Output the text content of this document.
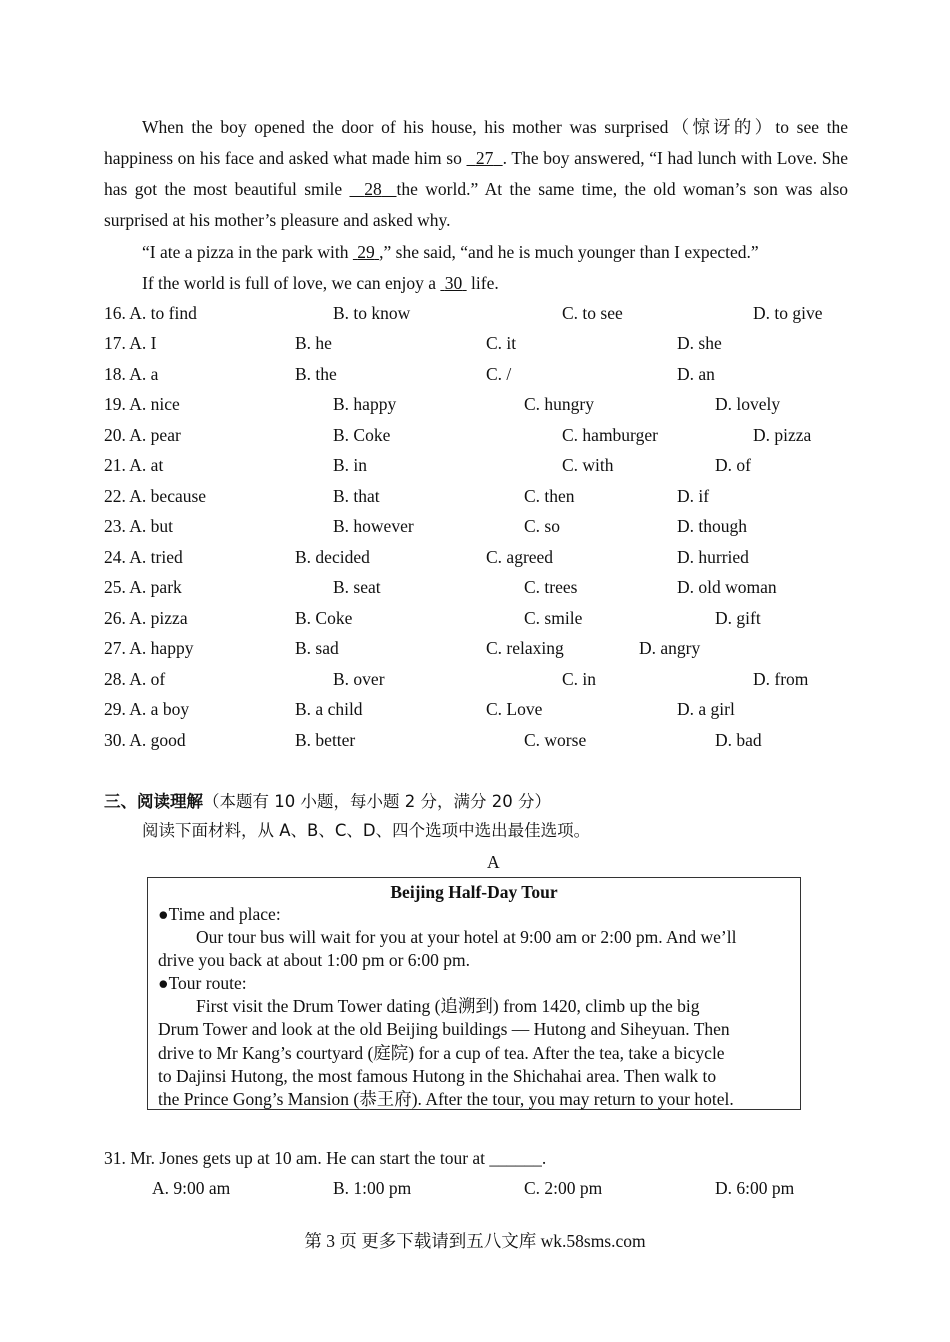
When the boy opened the door of his house, his mother was surprised（惊讶的）to see the happiness on his face and asked what made him so   27 . The boy answered, “I had lunch with Love. She has got the most beautiful smile   28 the world.” At the same time, the old woman’s son was also surprised at his mother’s pleasure and asked why.
“I ate a pizza in the park with  29 ,” she said, “and he is much younger than I expected.”
If the world is full of love, we can enjoy a  30  life.
16. A. to find	B. to know	C. to see	D. to give
17. A. I	B. he	C. it	D. she
18. A. a	B. the	C. /	D. an
19. A. nice	B. happy	C. hungry	D. lovely
20. A. pear	B. Coke	C. hamburger	D. pizza
21. A. at	B. in	C. with	D. of
22. A. because	B. that	C. then	D. if
23. A. but	B. however	C. so	D. though
24. A. tried	B. decided	C. agreed	D. hurried
25. A. park	B. seat	C. trees	D. old woman
26. A. pizza	B. Coke	C. smile	D. gift
27. A. happy	B. sad	C. relaxing	D. angry
28. A. of	B. over	C. in	D. from
29. A. a boy	B. a child	C. Love	D. a girl
30. A. good	B. better	C. worse	D. bad
三、阅读理解（本题有 10 小题，每小题 2 分，满分 20 分）
阅读下面材料，从 A、B、C、D、四个选项中选出最佳选项。
A
Beijing Half-Day Tour
●Time and place:
Our tour bus will wait for you at your hotel at 9:00 am or 2:00 pm. And we’ll
drive you back at about 1:00 pm or 6:00 pm.
●Tour route:
First visit the Drum Tower dating (追溯到) from 1420, climb up the big
Drum Tower and look at the old Beijing buildings — Hutong and Siheyuan. Then
drive to Mr Kang’s courtyard (庭院) for a cup of tea. After the tea, take a bicycle
to Dajinsi Hutong, the most famous Hutong in the Shichahai area. Then walk to
the Prince Gong’s Mansion (恭王府). After the tour, you may return to your hotel.
31. Mr. Jones gets up at 10 am. He can start the tour at ______.
A. 9:00 am	B. 1:00 pm	C. 2:00 pm	D. 6:00 pm
第 3 页 更多下载请到五八文库 wk.58sms.com
